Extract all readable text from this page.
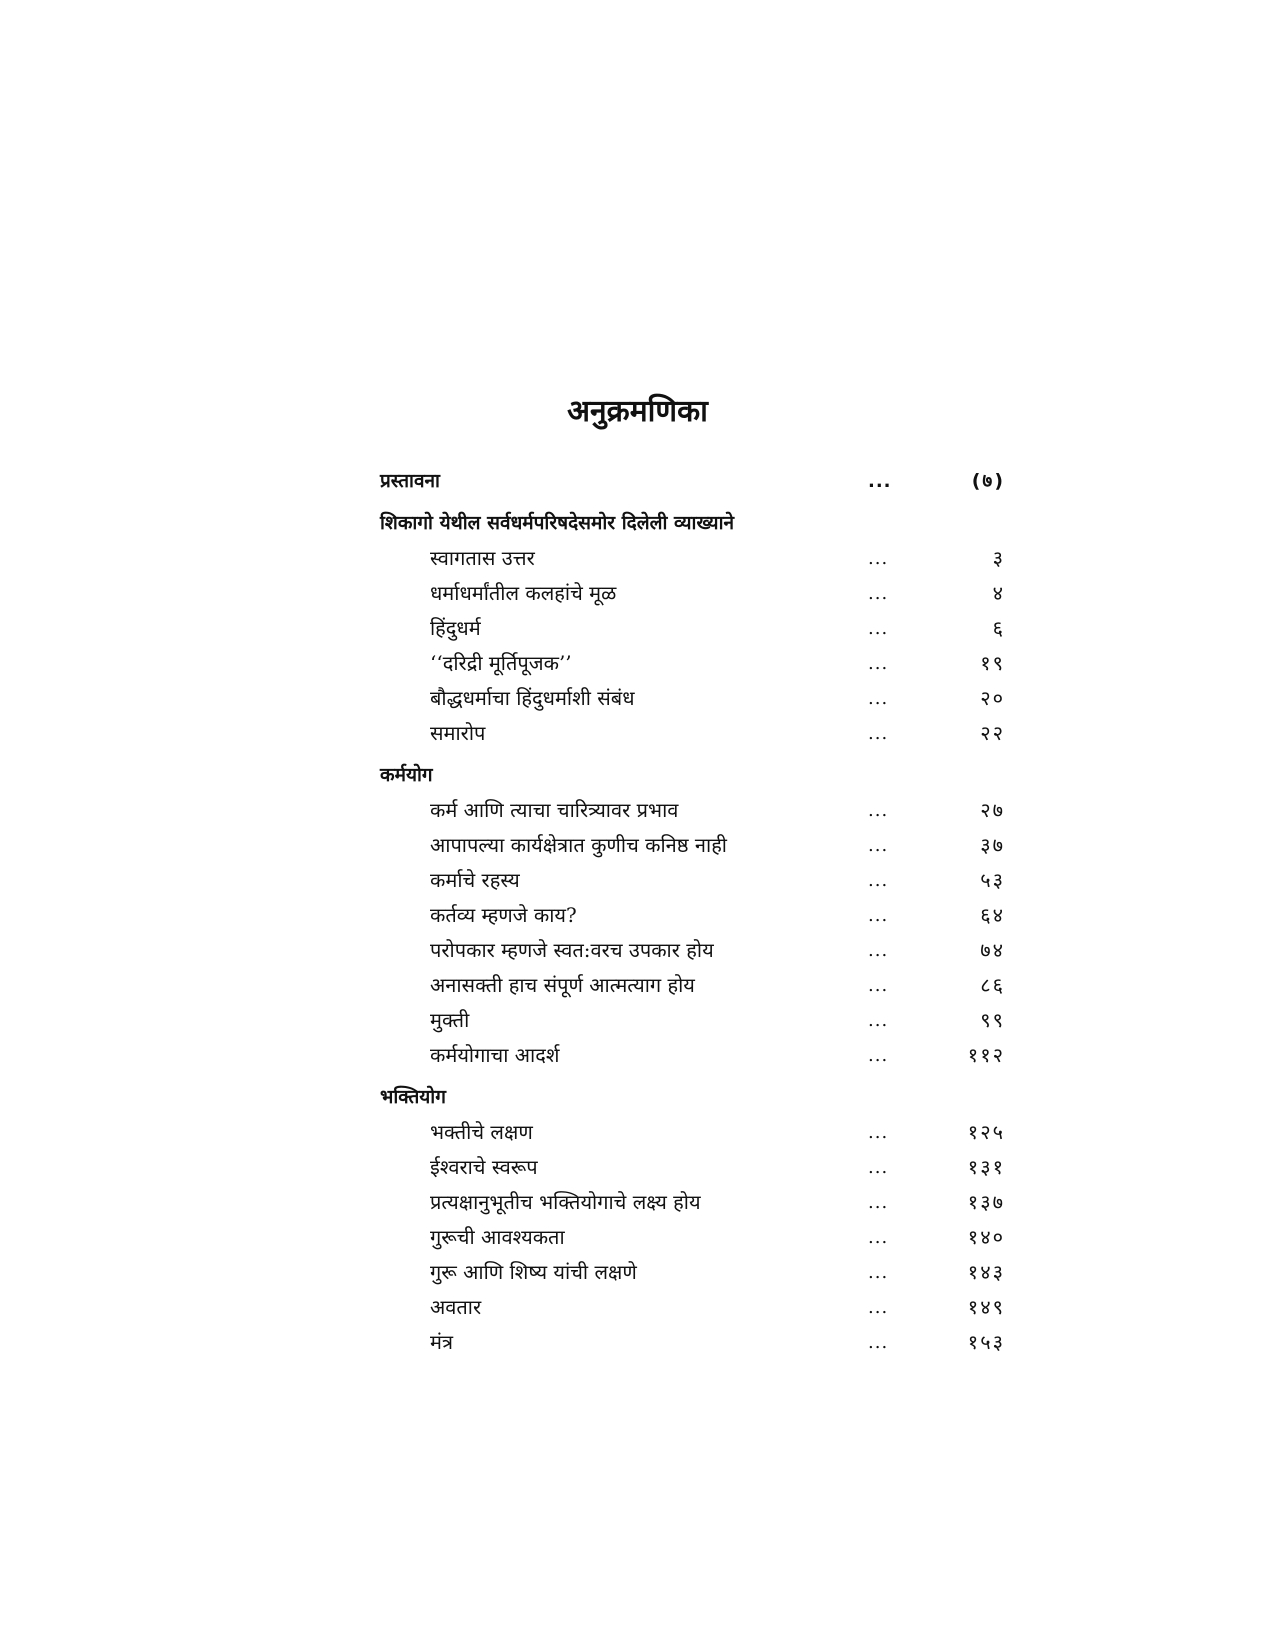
अनुक्रमणिका
प्रस्तावना	...	(७)
शिकागो येथील सर्वधर्मपरिषदेसमोर दिलेली व्याख्याने
स्वागतास उत्तर	...	३
धर्माधर्मांतील कलहांचे मूळ	...	४
हिंदुधर्म	...	६
‘‘दरिद्री मूर्तिपूजक’’	...	१९
बौद्धधर्माचा हिंदुधर्माशी संबंध	...	२०
समारोप	...	२२
कर्मयोग
कर्म आणि त्याचा चारित्र्यावर प्रभाव	...	२७
आपापल्या कार्यक्षेत्रात कुणीच कनिष्ठ नाही	...	३७
कर्माचे रहस्य	...	५३
कर्तव्य म्हणजे काय?	...	६४
परोपकार म्हणजे स्वत:वरच उपकार होय	...	७४
अनासक्ती हाच संपूर्ण आत्मत्याग होय	...	८६
मुक्ती	...	९९
कर्मयोगाचा आदर्श	...	११२
भक्तियोग
भक्तीचे लक्षण	...	१२५
ईश्वराचे स्वरूप	...	१३१
प्रत्यक्षानुभूतीच भक्तियोगाचे लक्ष्य होय	...	१३७
गुरूची आवश्यकता	...	१४०
गुरू आणि शिष्य यांची लक्षणे	...	१४३
अवतार	...	१४९
मंत्र	...	१५३
